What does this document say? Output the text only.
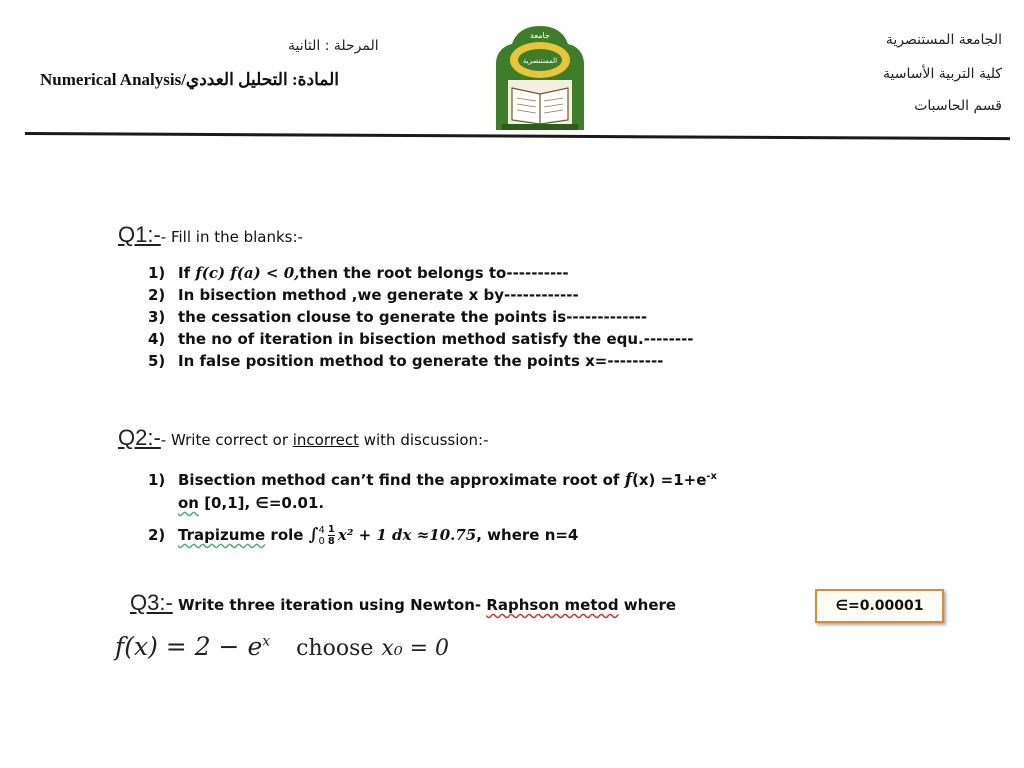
الجامعة المستنصرية
كلية التربية الأساسية
قسم الحاسبات
المرحلة : الثانية
Numerical Analysis/المادة: التحليل العددي
جامعة
المستنصرية
Q1:-- Fill in the blanks:-
1) If f(c) f(a) < 0,then the root belongs to----------
2) In bisection method ,we generate x by------------
3) the cessation clouse to generate the points is-------------
4) the no of iteration in bisection method satisfy the equ.--------
5) In false position method to generate the points x=---------
Q2:-- Write correct or incorrect with discussion:-
1) Bisection method can’t find the approximate root of $f(x) =1+e^{-x}$
on [0,1], ∈=0.01.
2) Trapizume role ∫ 4
$0 \frac{1}{8} x^2 + 1$ dx ≈10.75, where n=4
Q3:- Write three iteration using Newton- Raphson metod where	∈=0.00001
$f(x) = 2 - e^x$ choose x₀ = 0
